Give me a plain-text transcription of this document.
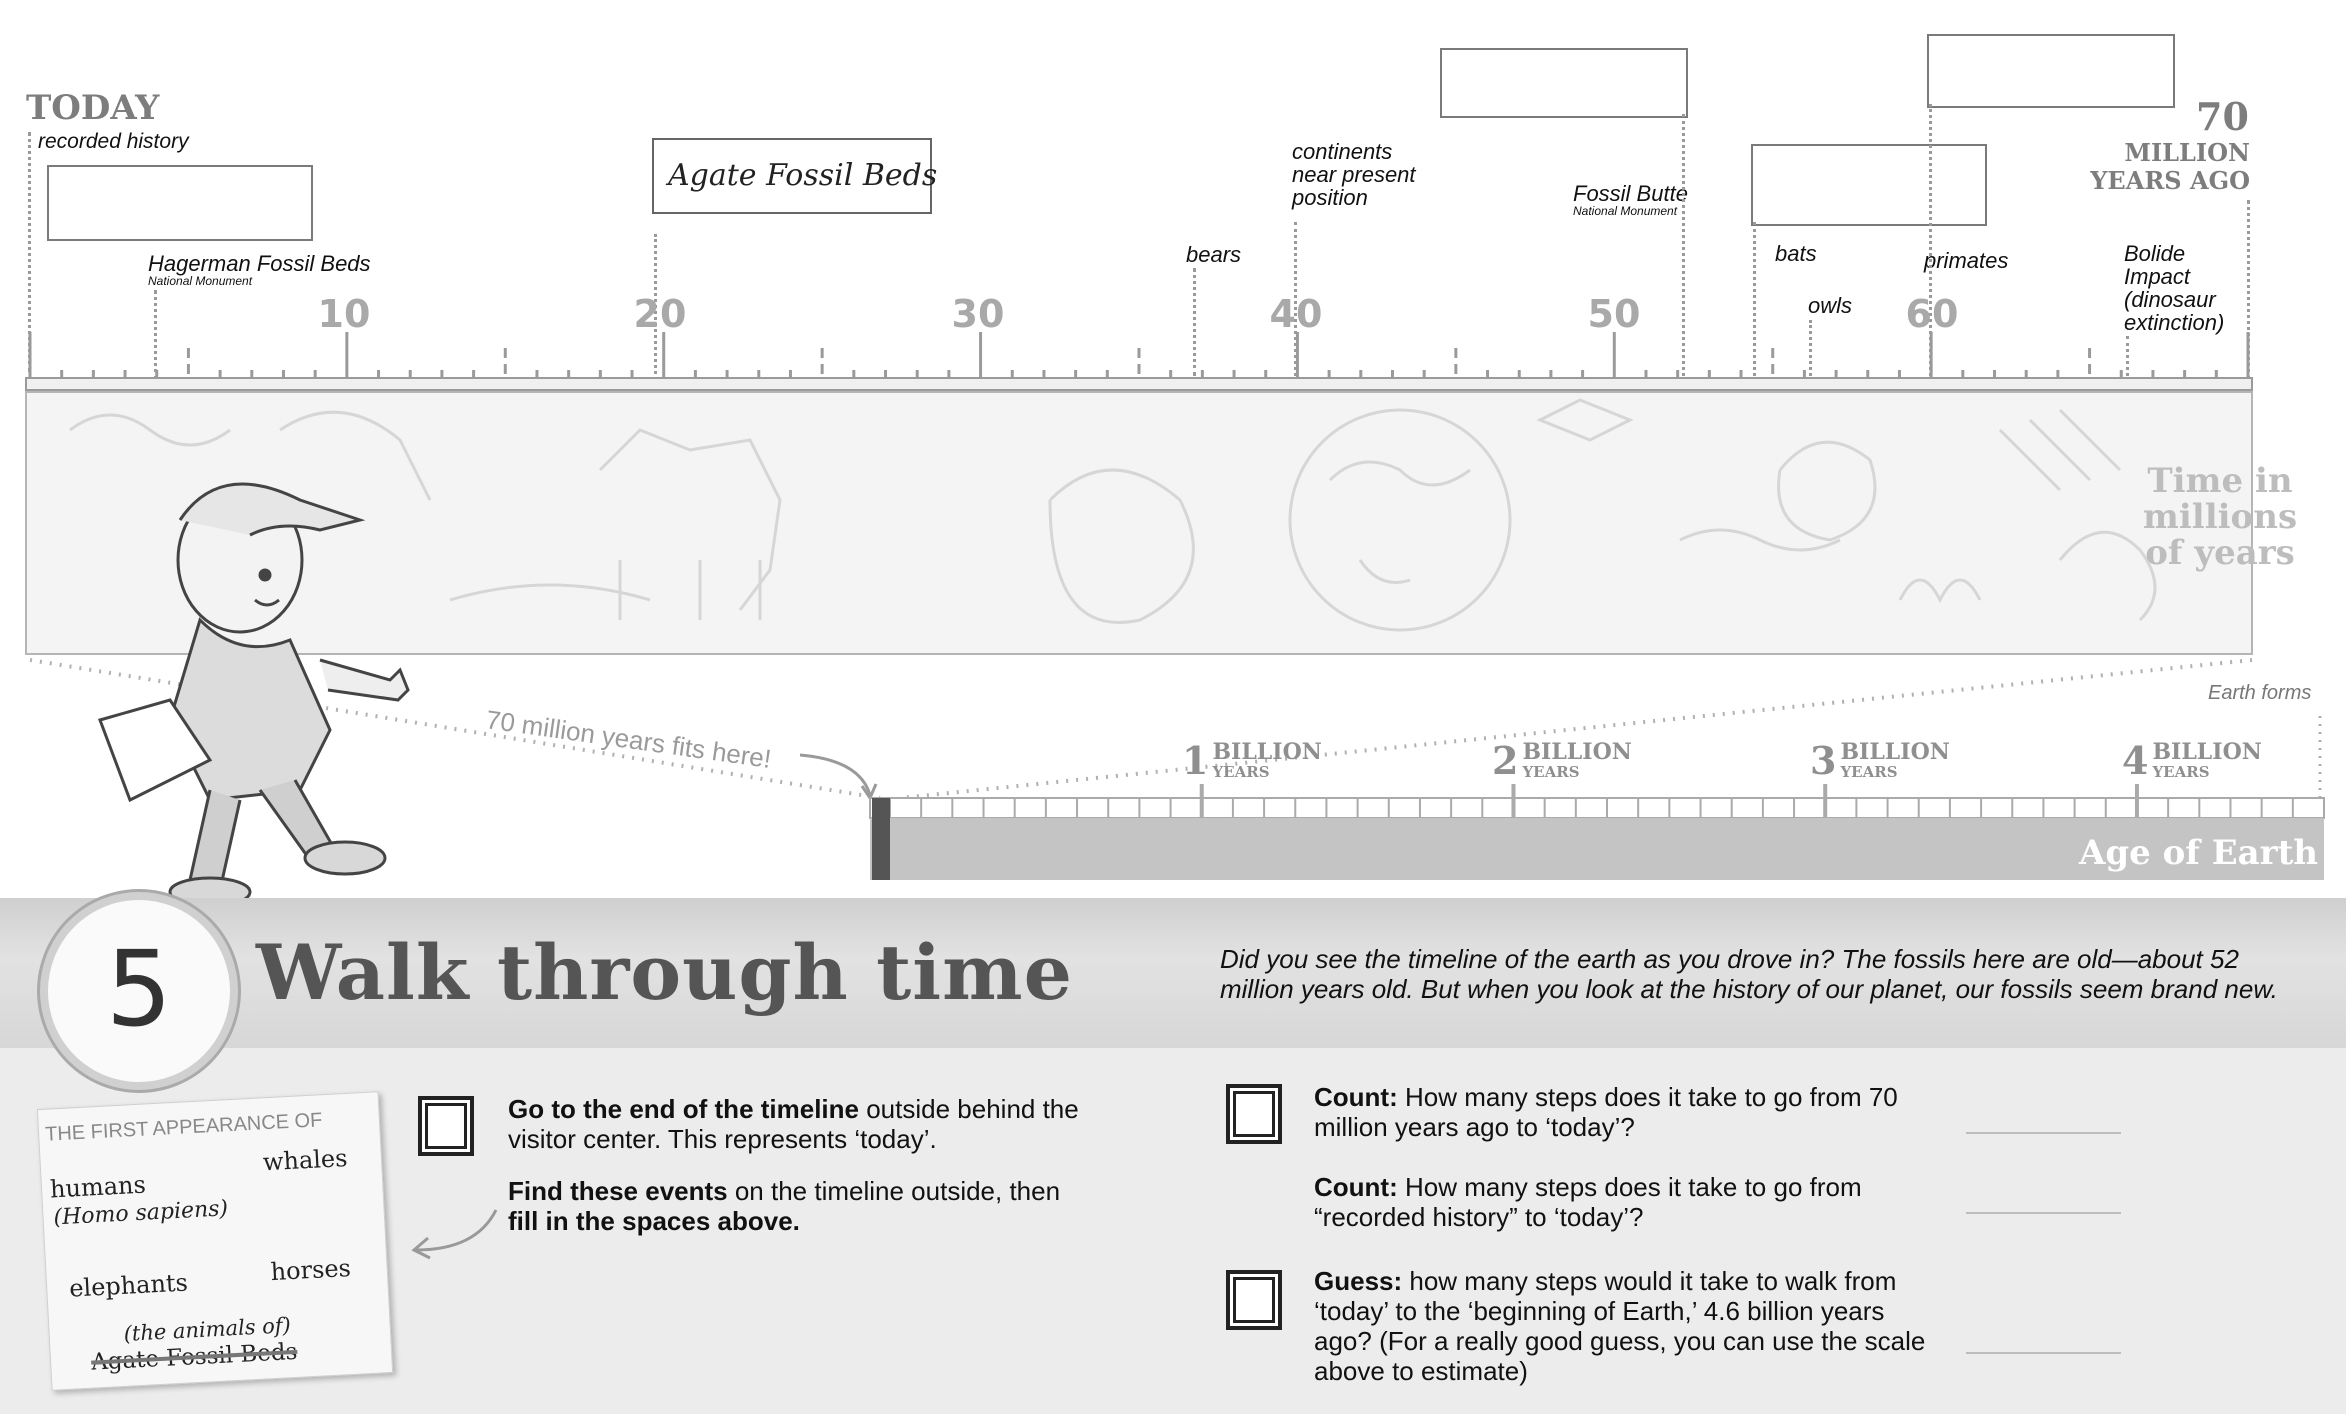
TODAY
recorded history
70
MILLION
YEARS AGO
Agate Fossil Beds
Hagerman Fossil Beds
National Monument
bears
continents
near present
position	Fossil Butte
National Monument
bats
owls
primates	Bolide
Impact
(dinosaur
extinction)
10	20	30	40	50	60
Time in
millions
of years
70 million years fits here!
Age of Earth
Earth forms
1 BILLION
YEARS	2 BILLION
YEARS	3 BILLION
YEARS	4 BILLION
YEARS
5	Walk through time	Did you see the timeline of the earth as you drove in? The fossils here are old—about 52 million years old. But when you look at the history of our planet, our fossils seem brand new.
THE FIRST APPEARANCE OF
humans
(Homo sapiens)
whales
elephants	horses
(the animals of)
Agate Fossil Beds
Go to the end of the timeline outside behind the visitor center. This represents ‘today’.
Find these events on the timeline outside, then fill in the spaces above.
Count: How many steps does it take to go from 70 million years ago to ‘today’?
Count: How many steps does it take to go from “recorded history” to ‘today’?
Guess: how many steps would it take to walk from ‘today’ to the ‘beginning of Earth,’ 4.6 billion years ago? (For a really good guess, you can use the scale above to estimate)
